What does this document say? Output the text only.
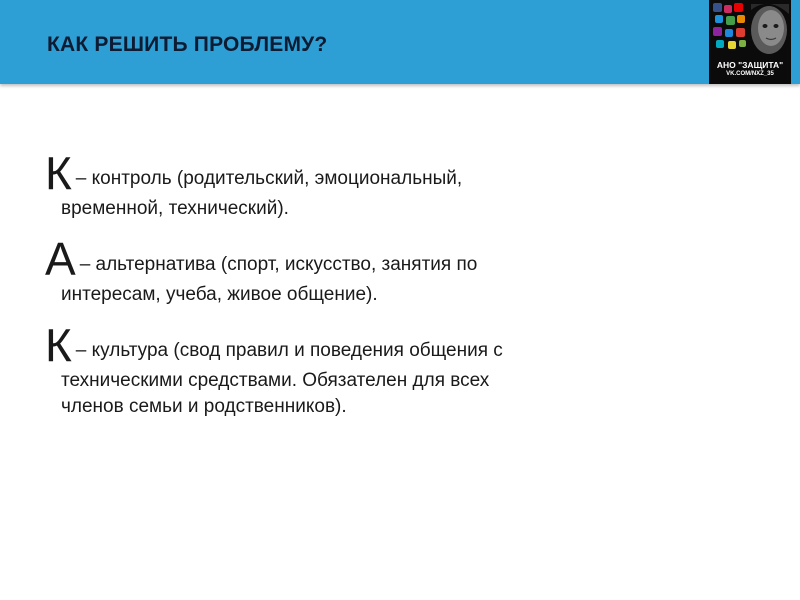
КАК РЕШИТЬ ПРОБЛЕМУ?
АНО "ЗАЩИТА"
VK.COM/NXZ_35
К – контроль (родительский, эмоциональный,
временной, технический).
А – альтернатива (спорт, искусство, занятия по
интересам, учеба, живое общение).
К – культура (свод правил и поведения общения с
техническими средствами. Обязателен для всех
членов семьи и родственников).
